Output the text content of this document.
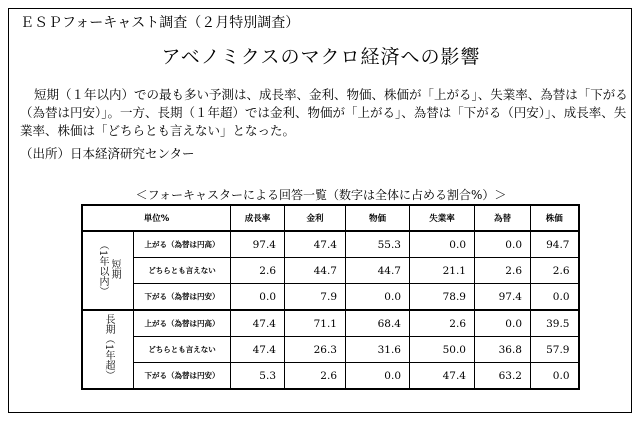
ＥＳＰフォーキャスト調査（２月特別調査）
アベノミクスのマクロ経済への影響
短期（１年以内）での最も多い予測は、成長率、金利、物価、株価が「上がる」、失業率、為替は「下がる（為替は円安）」。一方、長期（１年超）では金利、物価が「上がる」、為替は「下がる（円安）」、成長率、失業率、株価は「どちらとも言えない」となった。
（出所）日本経済研究センター
＜フォーキャスターによる回答一覧（数字は全体に占める割合%）＞
単位%		成長率	金利	物価	失業率	為替	株価
短期（1年以内）	上がる（為替は円高）	97.4	47.4	55.3	0.0	0.0	94.7
	どちらとも言えない	2.6	44.7	44.7	21.1	2.6	2.6
	下がる（為替は円安）	0.0	7.9	0.0	78.9	97.4	0.0
長期（1年超）	上がる（為替は円高）	47.4	71.1	68.4	2.6	0.0	39.5
	どちらとも言えない	47.4	26.3	31.6	50.0	36.8	57.9
	下がる（為替は円安）	5.3	2.6	0.0	47.4	63.2	0.0
